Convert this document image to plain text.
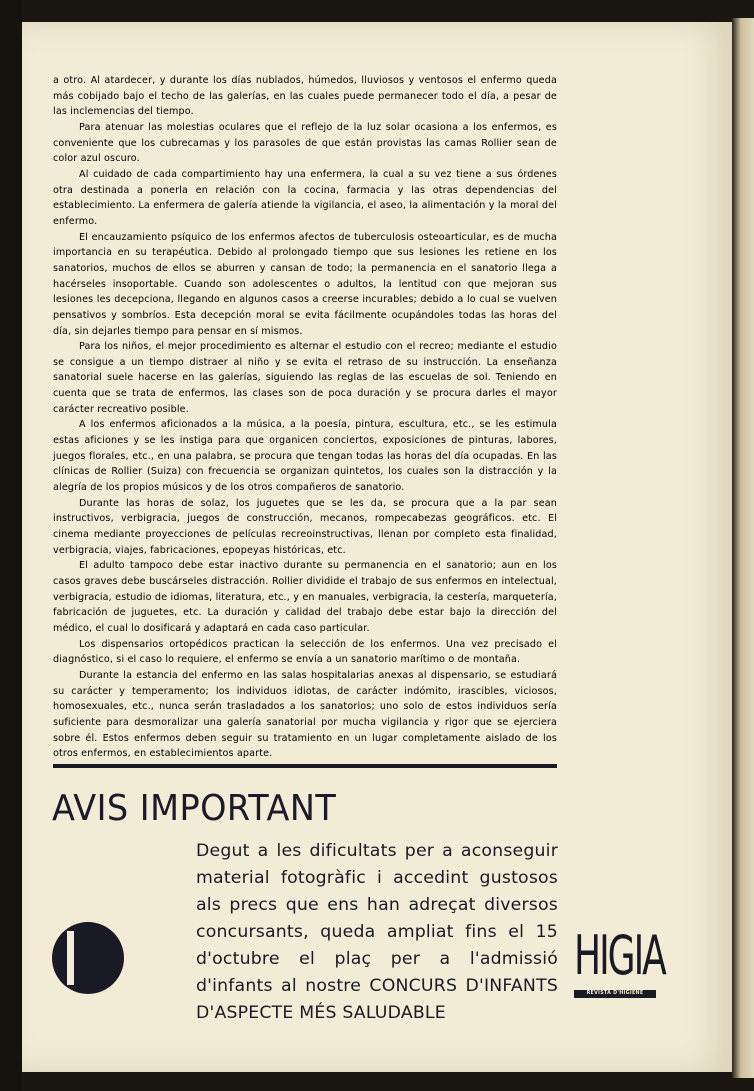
a otro. Al atardecer, y durante los días nublados, húmedos, lluviosos y ventosos el enfermo queda más cobijado bajo el techo de las galerías, en las cuales puede permanecer todo el día, a pesar de las inclemencias del tiempo.

Para atenuar las molestias oculares que el reflejo de la luz solar ocasiona a los enfermos, es conveniente que los cubrecamas y los parasoles de que están provistas las camas Rollier sean de color azul oscuro.

Al cuidado de cada compartimiento hay una enfermera, la cual a su vez tiene a sus órdenes otra destinada a ponerla en relación con la cocina, farmacia y las otras dependencias del establecimiento. La enfermera de galería atiende la vigilancia, el aseo, la alimentación y la moral del enfermo.

El encauzamiento psíquico de los enfermos afectos de tuberculosis osteoarticular, es de mucha importancia en su terapéutica. Debido al prolongado tiempo que sus lesiones les retiene en los sanatorios, muchos de ellos se aburren y cansan de todo; la permanencia en el sanatorio llega a hacérseles insoportable. Cuando son adolescentes o adultos, la lentitud con que mejoran sus lesiones les decepciona, llegando en algunos casos a creerse incurables; debido a lo cual se vuelven pensativos y sombríos. Esta decepción moral se evita fácilmente ocupándoles todas las horas del día, sin dejarles tiempo para pensar en sí mismos.

Para los niños, el mejor procedimiento es alternar el estudio con el recreo; mediante el estudio se consigue a un tiempo distraer al niño y se evita el retraso de su instrucción. La enseñanza sanatorial suele hacerse en las galerías, siguiendo las reglas de las escuelas de sol. Teniendo en cuenta que se trata de enfermos, las clases son de poca duración y se procura darles el mayor carácter recreativo posible.

A los enfermos aficionados a la música, a la poesía, pintura, escultura, etc., se les estimula estas aficiones y se les instiga para que organicen conciertos, exposiciones de pinturas, labores, juegos florales, etc., en una palabra, se procura que tengan todas las horas del día ocupadas. En las clínicas de Rollier (Suiza) con frecuencia se organizan quintetos, los cuales son la distracción y la alegría de los propios músicos y de los otros compañeros de sanatorio.

Durante las horas de solaz, los juguetes que se les da, se procura que a la par sean instructivos, verbigracia, juegos de construcción, mecanos, rompecabezas geográficos. etc. El cinema mediante proyecciones de películas recreoinstructivas, llenan por completo esta finalidad, verbigracia, viajes, fabricaciones, epopeyas históricas, etc.

El adulto tampoco debe estar inactivo durante su permanencia en el sanatorio; aun en los casos graves debe buscárseles distracción. Rollier dividide el trabajo de sus enfermos en intelectual, verbigracia, estudio de idiomas, literatura, etc., y en manuales, verbigracia, la cestería, marquetería, fabricación de juguetes, etc. La duración y calidad del trabajo debe estar bajo la dirección del médico, el cual lo dosificará y adaptará en cada caso particular.

Los dispensarios ortopédicos practican la selección de los enfermos. Una vez precisado el diagnóstico, si el caso lo requiere, el enfermo se envía a un sanatorio marítimo o de montaña.

Durante la estancia del enfermo en las salas hospitalarias anexas al dispensario, se estudiará su carácter y temperamento; los individuos idiotas, de carácter indómito, irascibles, viciosos, homosexuales, etc., nunca serán trasladados a los sanatorios; uno solo de estos individuos sería suficiente para desmoralizar una galería sanatorial por mucha vigilancia y rigor que se ejerciera sobre él. Estos enfermos deben seguir su tratamiento en un lugar completamente aislado de los otros enfermos, en establecimientos aparte.

AVIS IMPORTANT
Degut a les dificultats per a aconseguir material fotogràfic i accedint gustosos als precs que ens han adreçat diversos concursants, queda ampliat fins el 15 d'octubre el plaç per a l'admissió d'infants al nostre CONCURS D'INFANTS D'ASPECTE MÉS SALUDABLE
HIGIA
REVISTA D'HIGIENE
